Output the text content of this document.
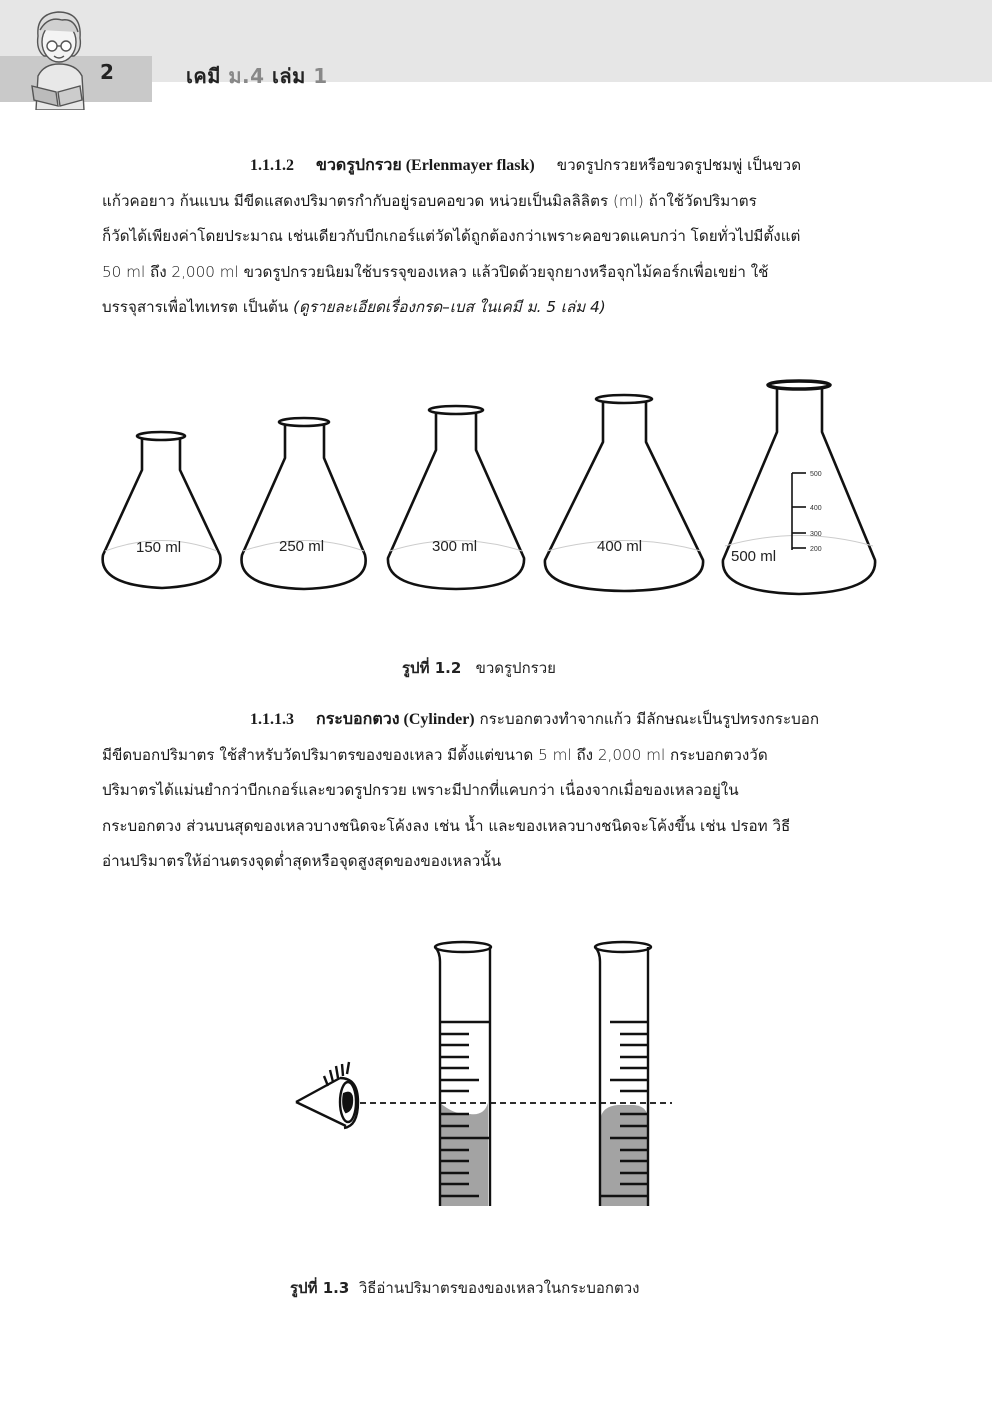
2	เคมี ม.4 เล่ม 1
1.1.1.2 ขวดรูปกรวย (Erlenmayer flask) ขวดรูปกรวยหรือขวดรูปชมพู่ เป็นขวด
แก้วคอยาว ก้นแบน มีขีดแสดงปริมาตรกำกับอยู่รอบคอขวด หน่วยเป็นมิลลิลิตร (ml) ถ้าใช้วัดปริมาตร
ก็วัดได้เพียงค่าโดยประมาณ เช่นเดียวกับบีกเกอร์แต่วัดได้ถูกต้องกว่าเพราะคอขวดแคบกว่า โดยทั่วไปมีตั้งแต่
50 ml ถึง 2,000 ml ขวดรูปกรวยนิยมใช้บรรจุของเหลว แล้วปิดด้วยจุกยางหรือจุกไม้คอร์กเพื่อเขย่า ใช้
บรรจุสารเพื่อไทเทรต เป็นต้น (ดูรายละเอียดเรื่องกรด–เบส ในเคมี ม. 5 เล่ม 4)
150 ml	250 ml	300 ml	400 ml
500 ml
500
400
300
200
รูปที่ 1.2 ขวดรูปกรวย
1.1.1.3 กระบอกตวง (Cylinder) กระบอกตวงทำจากแก้ว มีลักษณะเป็นรูปทรงกระบอก
มีขีดบอกปริมาตร ใช้สำหรับวัดปริมาตรของของเหลว มีตั้งแต่ขนาด 5 ml ถึง 2,000 ml กระบอกตวงวัด
ปริมาตรได้แม่นยำกว่าบีกเกอร์และขวดรูปกรวย เพราะมีปากที่แคบกว่า เนื่องจากเมื่อของเหลวอยู่ใน
กระบอกตวง ส่วนบนสุดของเหลวบางชนิดจะโค้งลง เช่น น้ำ และของเหลวบางชนิดจะโค้งขึ้น เช่น ปรอท วิธี
อ่านปริมาตรให้อ่านตรงจุดต่ำสุดหรือจุดสูงสุดของของเหลวนั้น
รูปที่ 1.3 วิธีอ่านปริมาตรของของเหลวในกระบอกตวง
